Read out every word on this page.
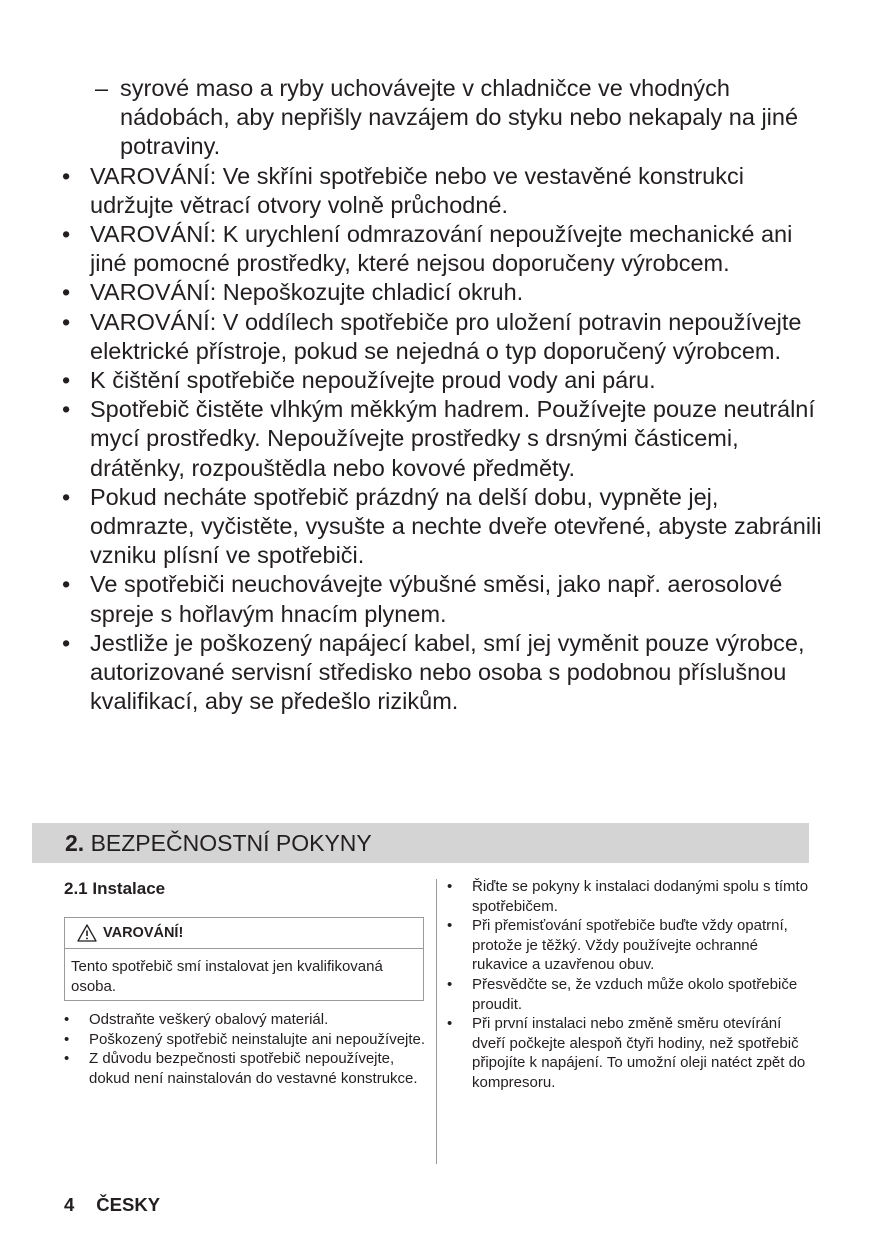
– syrové maso a ryby uchovávejte v chladničce ve vhodných nádobách, aby nepřišly navzájem do styku nebo nekapaly na jiné potraviny.
• VAROVÁNÍ: Ve skříni spotřebiče nebo ve vestavěné konstrukci udržujte větrací otvory volně průchodné.
• VAROVÁNÍ: K urychlení odmrazování nepoužívejte mechanické ani jiné pomocné prostředky, které nejsou doporučeny výrobcem.
• VAROVÁNÍ: Nepoškozujte chladicí okruh.
• VAROVÁNÍ: V oddílech spotřebiče pro uložení potravin nepoužívejte elektrické přístroje, pokud se nejedná o typ doporučený výrobcem.
• K čištění spotřebiče nepoužívejte proud vody ani páru.
• Spotřebič čistěte vlhkým měkkým hadrem. Používejte pouze neutrální mycí prostředky. Nepoužívejte prostředky s drsnými částicemi, drátěnky, rozpouštědla nebo kovové předměty.
• Pokud necháte spotřebič prázdný na delší dobu, vypněte jej, odmrazte, vyčistěte, vysušte a nechte dveře otevřené, abyste zabránili vzniku plísní ve spotřebiči.
• Ve spotřebiči neuchovávejte výbušné směsi, jako např. aerosolové spreje s hořlavým hnacím plynem.
• Jestliže je poškozený napájecí kabel, smí jej vyměnit pouze výrobce, autorizované servisní středisko nebo osoba s podobnou příslušnou kvalifikací, aby se předešlo rizikům.
2. BEZPEČNOSTNÍ POKYNY
2.1 Instalace
VAROVÁNÍ!
Tento spotřebič smí instalovat jen kvalifikovaná osoba.
•	Odstraňte veškerý obalový materiál.
•	Poškozený spotřebič neinstalujte ani nepoužívejte.
•	Z důvodu bezpečnosti spotřebič nepoužívejte, dokud není nainstalován do vestavné konstrukce.
•	Řiďte se pokyny k instalaci dodanými spolu s tímto spotřebičem.
•	Při přemisťování spotřebiče buďte vždy opatrní, protože je těžký. Vždy používejte ochranné rukavice a uzavřenou obuv.
•	Přesvědčte se, že vzduch může okolo spotřebiče proudit.
•	Při první instalaci nebo změně směru otevírání dveří počkejte alespoň čtyři hodiny, než spotřebič připojíte k napájení. To umožní oleji natéct zpět do kompresoru.
4 ČESKY
